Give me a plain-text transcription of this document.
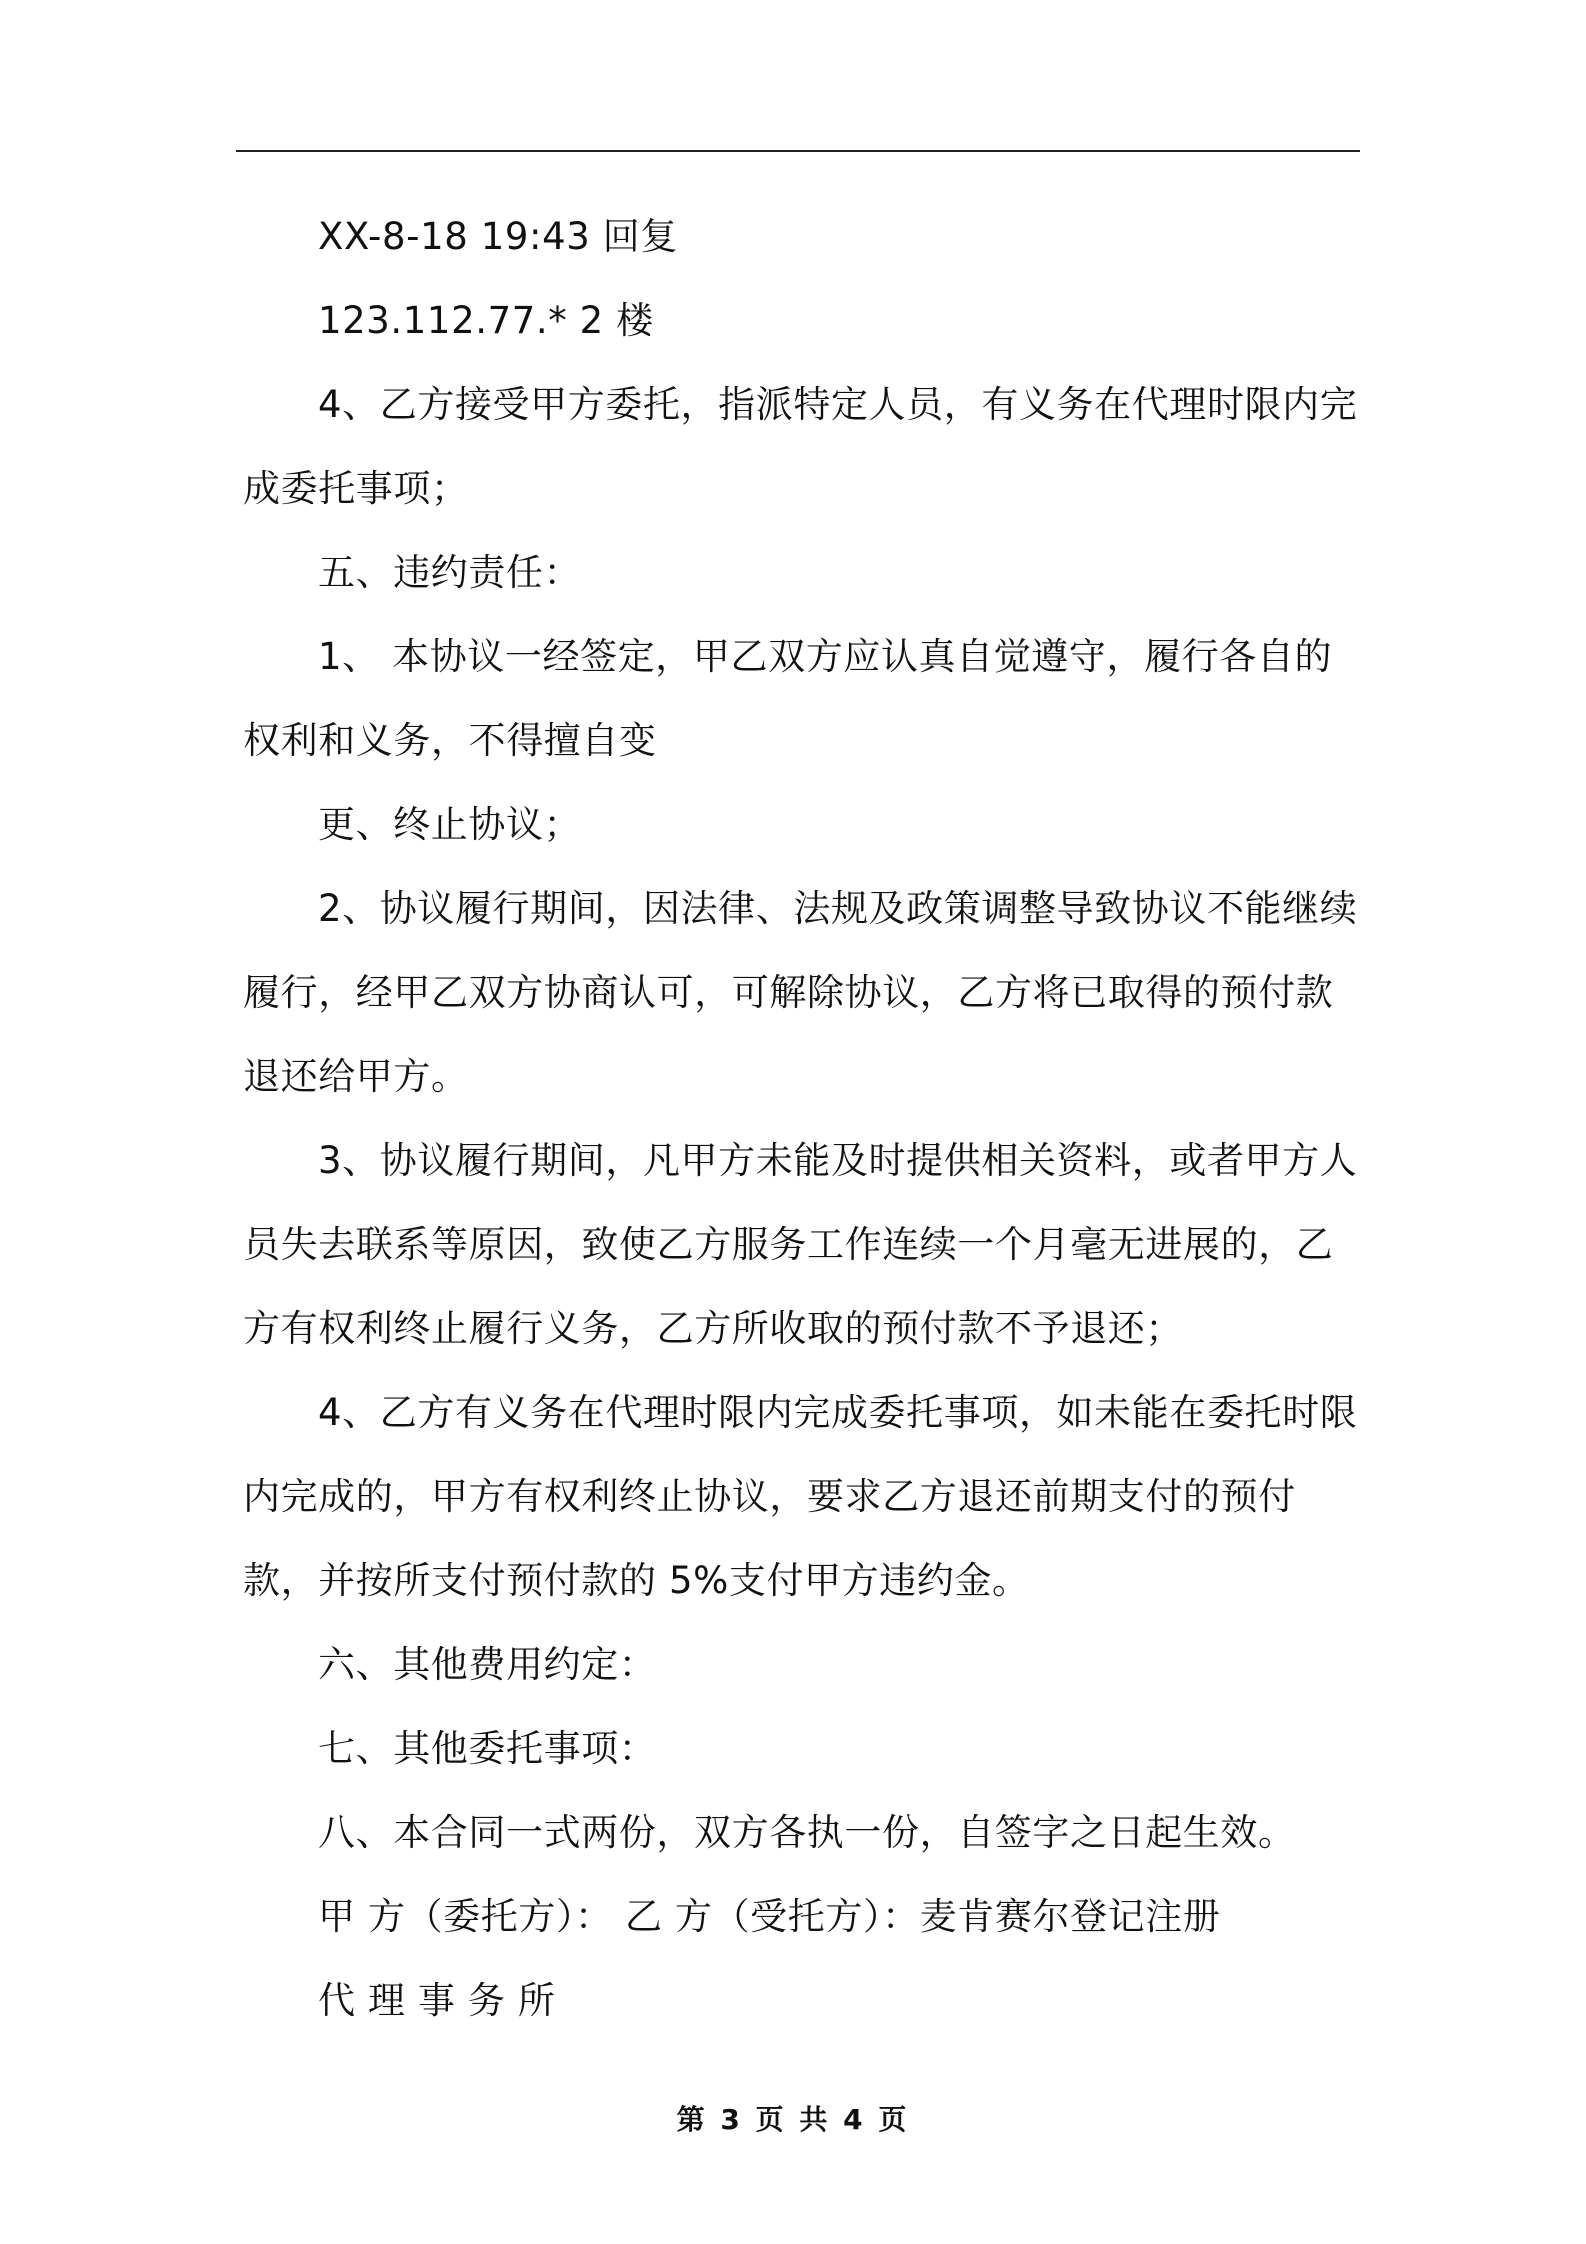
XX-8-18 19:43 回复

123.112.77.* 2 楼

4、乙方接受甲方委托，指派特定人员，有义务在代理时限内完成委托事项；

五、违约责任：

1、 本协议一经签定，甲乙双方应认真自觉遵守，履行各自的权利和义务，不得擅自变

更、终止协议；

2、协议履行期间，因法律、法规及政策调整导致协议不能继续履行，经甲乙双方协商认可，可解除协议，乙方将已取得的预付款退还给甲方。

3、协议履行期间，凡甲方未能及时提供相关资料，或者甲方人员失去联系等原因，致使乙方服务工作连续一个月毫无进展的，乙方有权利终止履行义务，乙方所收取的预付款不予退还；

4、乙方有义务在代理时限内完成委托事项，如未能在委托时限内完成的，甲方有权利终止协议，要求乙方退还前期支付的预付款，并按所支付预付款的 5%支付甲方违约金。

六、其他费用约定：

七、其他委托事项：

八、本合同一式两份，双方各执一份，自签字之日起生效。

甲 方（委托方）： 乙 方（受托方）：麦肯赛尔登记注册

代 理 事 务 所

第 3 页 共 4 页
